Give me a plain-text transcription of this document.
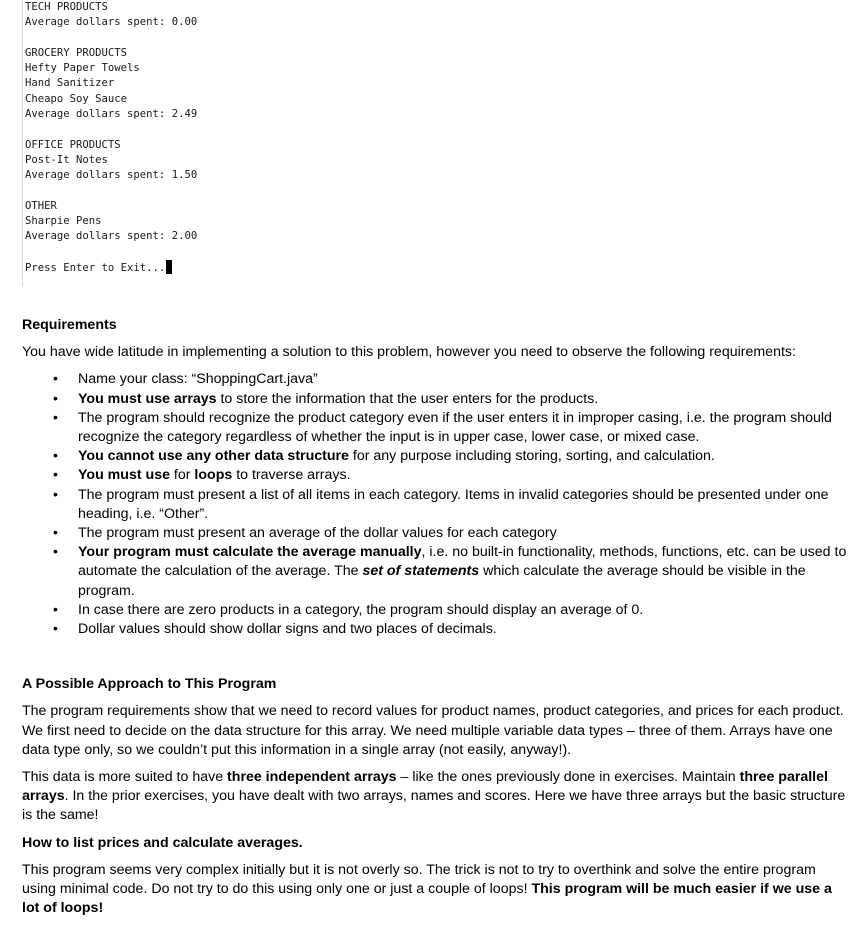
TECH PRODUCTS
Average dollars spent: 0.00
GROCERY PRODUCTS
Hefty Paper Towels
Hand Sanitizer
Cheapo Soy Sauce
Average dollars spent: 2.49
OFFICE PRODUCTS
Post-It Notes
Average dollars spent: 1.50
OTHER
Sharpie Pens
Average dollars spent: 2.00
Press Enter to Exit...
Requirements
You have wide latitude in implementing a solution to this problem, however you need to observe the following requirements:
• Name your class: “ShoppingCart.java”
• You must use arrays to store the information that the user enters for the products.
• The program should recognize the product category even if the user enters it in improper casing, i.e. the program should recognize the category regardless of whether the input is in upper case, lower case, or mixed case.
• You cannot use any other data structure for any purpose including storing, sorting, and calculation.
• You must use for loops to traverse arrays.
• The program must present a list of all items in each category. Items in invalid categories should be presented under one heading, i.e. “Other”.
• The program must present an average of the dollar values for each category
• Your program must calculate the average manually, i.e. no built-in functionality, methods, functions, etc. can be used to automate the calculation of the average. The set of statements which calculate the average should be visible in the program.
• In case there are zero products in a category, the program should display an average of 0.
• Dollar values should show dollar signs and two places of decimals.
A Possible Approach to This Program
The program requirements show that we need to record values for product names, product categories, and prices for each product. We first need to decide on the data structure for this array. We need multiple variable data types – three of them. Arrays have one data type only, so we couldn’t put this information in a single array (not easily, anyway!).
This data is more suited to have three independent arrays – like the ones previously done in exercises. Maintain three parallel arrays. In the prior exercises, you have dealt with two arrays, names and scores. Here we have three arrays but the basic structure is the same!
How to list prices and calculate averages.
This program seems very complex initially but it is not overly so. The trick is not to try to overthink and solve the entire program using minimal code. Do not try to do this using only one or just a couple of loops! This program will be much easier if we use a lot of loops!
